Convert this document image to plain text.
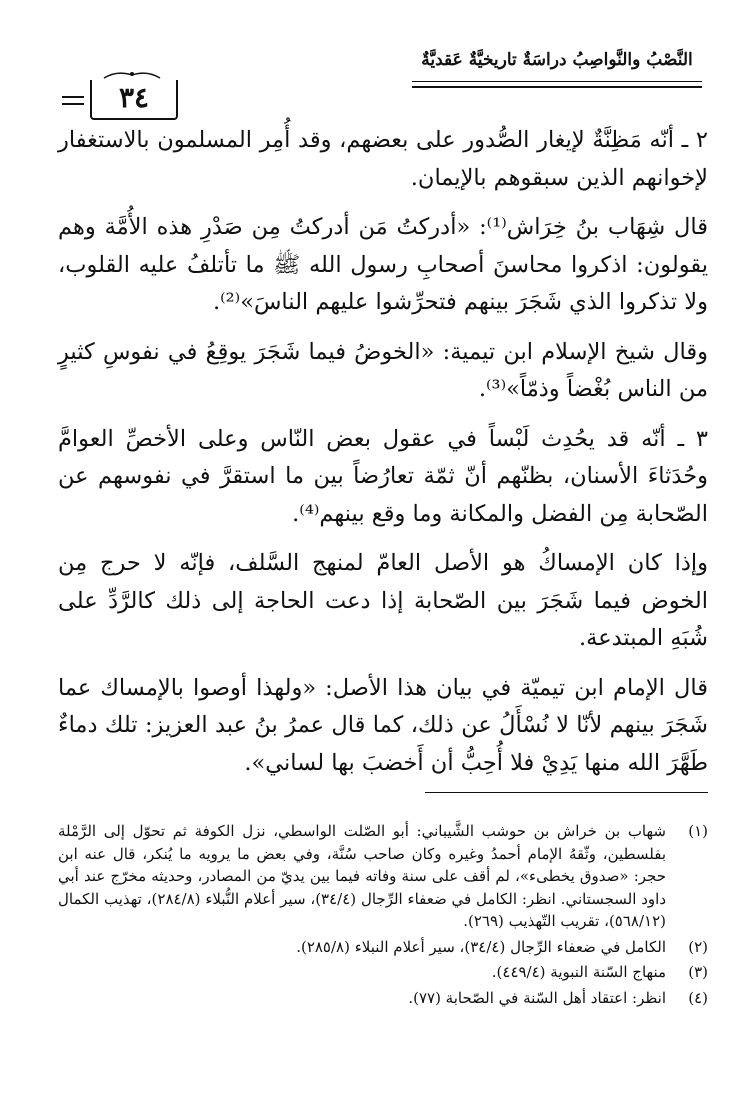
النَّصْبُ والنَّواصِبُ دراسَةٌ تاريخيَّةٌ عَقديَّةٌ
٣٤

٢ ـ أنّه مَظِنَّةٌ لإيغار الصُّدور على بعضهم، وقد أُمِر المسلمون بالاستغفار لإخوانهم الذين سبقوهم بالإيمان.

قال شِهَاب بنُ خِرَاش⁽¹⁾: «أدركتُ مَن أدركتُ مِن صَدْرِ هذه الأُمَّة وهم يقولون: اذكروا محاسنَ أصحابِ رسول الله ﷺ ما تأتلفُ عليه القلوب، ولا تذكروا الذي شَجَرَ بينهم فتحرِّشوا عليهم الناسَ»⁽²⁾.

وقال شيخ الإسلام ابن تيمية: «الخوضُ فيما شَجَرَ يوقِعُ في نفوسِ كثيرٍ من الناس بُغْضاً وذمّاً»⁽³⁾.

٣ ـ أنّه قد يحُدِث لَبْساً في عقول بعض النّاس وعلى الأخصِّ العوامَّ وحُدَثاءَ الأسنان، بظنّهم أنّ ثمّة تعارُضاً بين ما استقرَّ في نفوسهم عن الصّحابة مِن الفضل والمكانة وما وقع بينهم⁽⁴⁾.

وإذا كان الإمساكُ هو الأصل العامّ لمنهج السَّلف، فإنّه لا حرج مِن الخوض فيما شَجَرَ بين الصّحابة إذا دعت الحاجة إلى ذلك كالرَّدِّ على شُبَهِ المبتدعة.

قال الإمام ابن تيميّة في بيان هذا الأصل: «ولهذا أوصوا بالإمساك عما شَجَرَ بينهم لأنّا لا نُسْأَلُ عن ذلك، كما قال عمرُ بنُ عبد العزيز: تلك دماءٌ طَهَّرَ الله منها يَدِيْ فلا أُحِبُّ أن أَخضبَ بها لساني».

(١)
شهاب بن خراش بن حوشب الشَّيباني: أبو الصّلت الواسطي، نزل الكوفة ثم تحوّل إلى الرَّمْلة بفلسطين، وثّقهُ الإمام أحمدُ وغيره وكان صاحب سُنَّة، وفي بعض ما يرويه ما يُنكر، قال عنه ابن حجر: «صدوق يخطىء»، لم أقف على سنة وفاته فيما بين يديّ من المصادر، وحديثه مخرّج عند أبي داود السجستاني. انظر: الكامل في ضعفاء الرِّجال (٣٤/٤)، سير أعلام النُّبلاء (٢٨٤/٨)، تهذيب الكمال (٥٦٨/١٢)، تقريب التّهذيب (٢٦٩).
(٢)
الكامل في ضعفاء الرِّجال (٣٤/٤)، سير أعلام النبلاء (٢٨٥/٨).
(٣)
منهاج السّنة النبوية (٤٤٩/٤).
(٤)
انظر: اعتقاد أهل السّنة في الصّحابة (٧٧).
